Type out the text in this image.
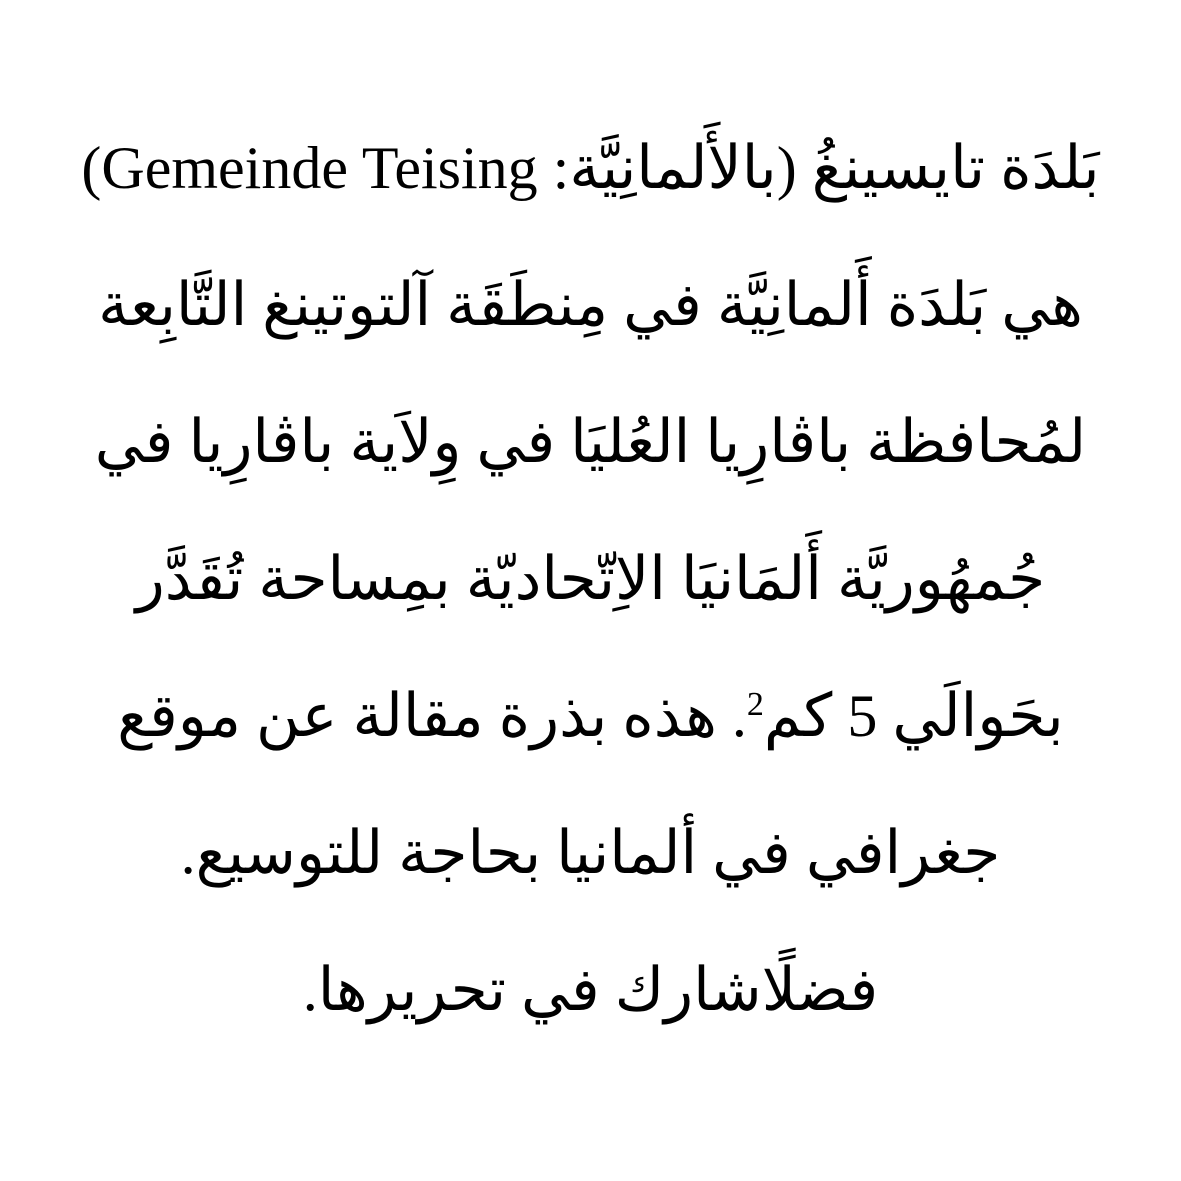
بَلدَة تايسينغُ (بالأَلمانِيَّة: Gemeinde Teising) هي بَلدَة أَلمانِيَّة في مِنطَقَة آلتوتينغ التَّابِعة لمُحافظة باڤارِيا العُليَا في وِلاَية باڤارِيا في جُمهُوريَّة أَلمَانيَا الاِتّحاديّة بمِساحة تُقَدَّر بحَوالَي 5 كم$^2$. هذه بذرة مقالة عن موقع جغرافي في ألمانيا بحاجة للتوسيع. فضلًاشارك في تحريرها.
